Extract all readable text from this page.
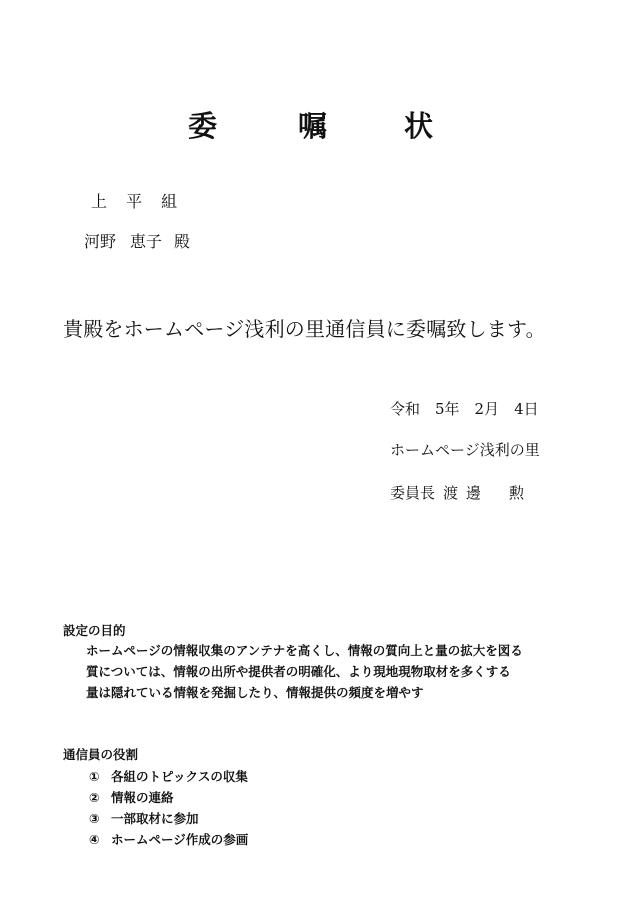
委	嘱	状
上 平 組
河野 恵子 殿
貴殿をホームページ浅利の里通信員に委嘱致します。
令和　5年　2月　4日
ホームページ浅利の里
委員長 渡 邊 勲
設定の目的
ホームページの情報収集のアンテナを高くし、情報の質向上と量の拡大を図る
質については、情報の出所や提供者の明確化、より現地現物取材を多くする
量は隠れている情報を発掘したり、情報提供の頻度を増やす
通信員の役割
① 各組のトピックスの収集
② 情報の連絡
③ 一部取材に参加
④ ホームページ作成の参画
